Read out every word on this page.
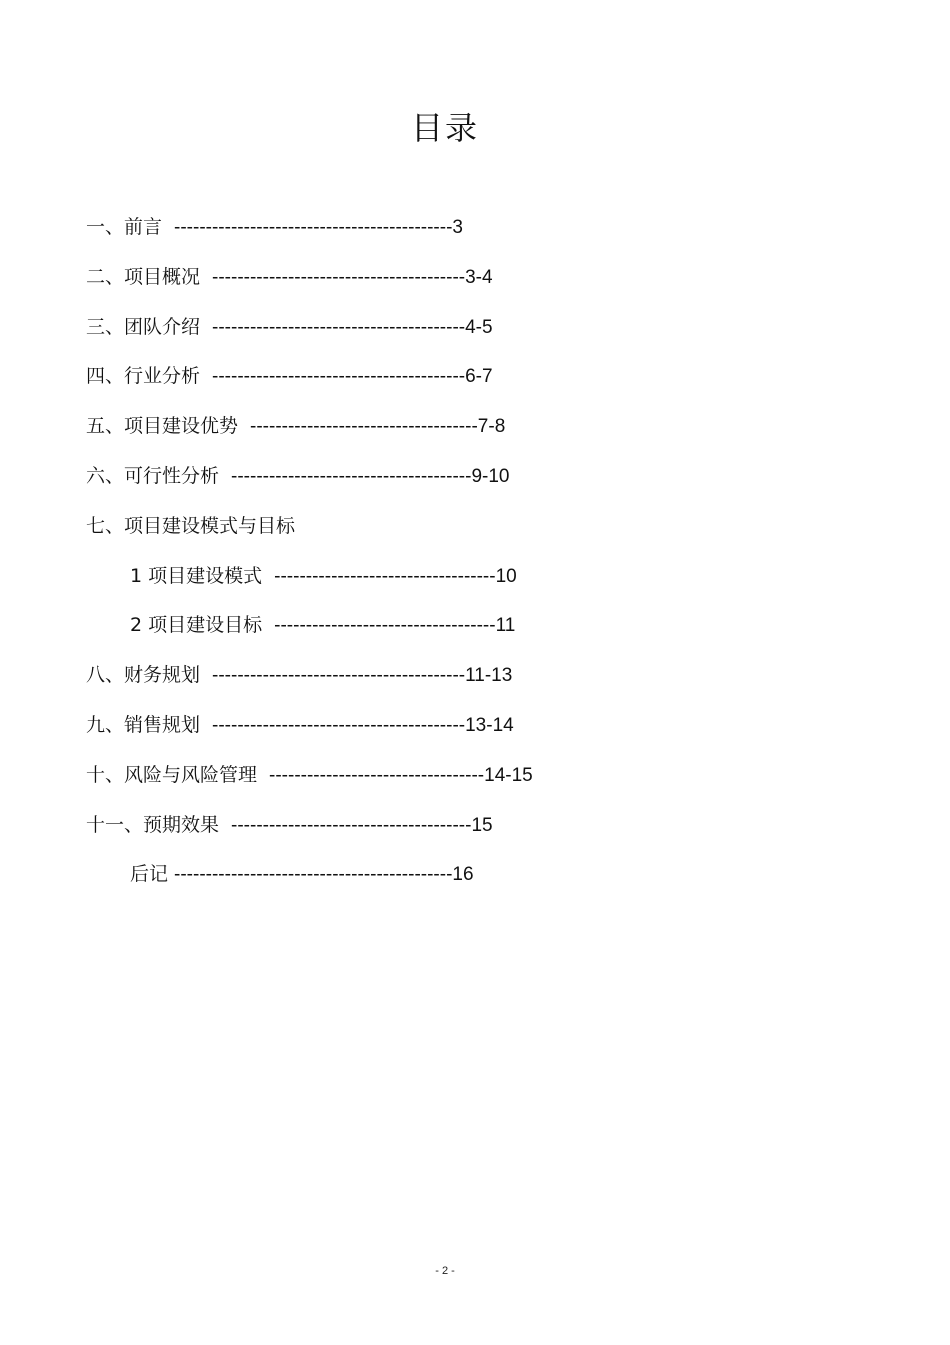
目录
一、前言 --------------------------------------------3
二、项目概况 ----------------------------------------3-4
三、团队介绍 ----------------------------------------4-5
四、行业分析 ----------------------------------------6-7
五、项目建设优势 ------------------------------------7-8
六、可行性分析 --------------------------------------9-10
七、项目建设模式与目标
1 项目建设模式 -----------------------------------10
2 项目建设目标 -----------------------------------11
八、财务规划 ----------------------------------------11-13
九、销售规划 ----------------------------------------13-14
十、风险与风险管理 ----------------------------------14-15
十一、预期效果 --------------------------------------15
后记 --------------------------------------------16
- 2 -
